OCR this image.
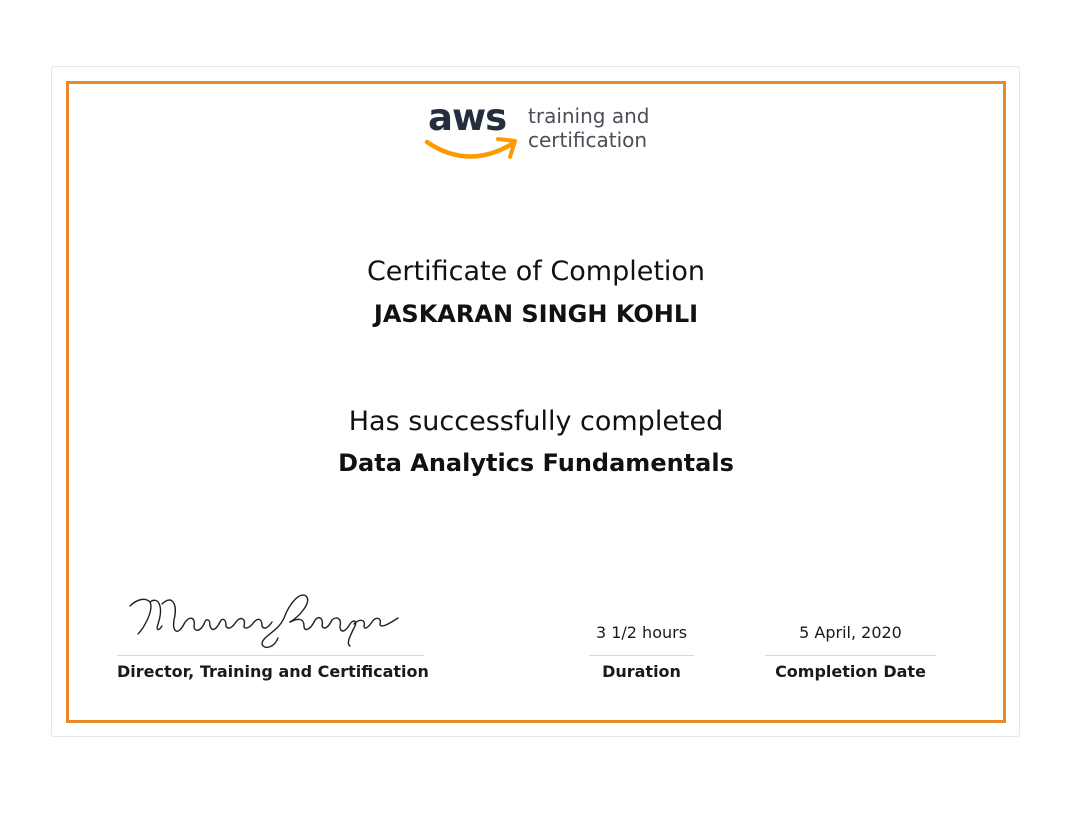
aws training and
certification
Certificate of Completion
JASKARAN SINGH KOHLI
Has successfully completed
Data Analytics Fundamentals
Director, Training and Certification
3 1/2 hours
Duration
5 April, 2020
Completion Date
